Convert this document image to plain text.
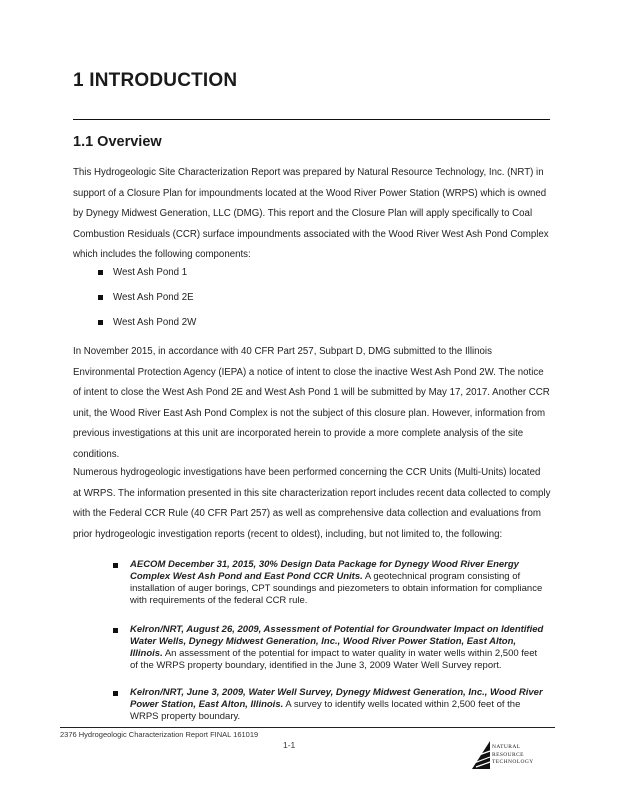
1 INTRODUCTION
1.1 Overview

This Hydrogeologic Site Characterization Report was prepared by Natural Resource Technology, Inc. (NRT) in support of a Closure Plan for impoundments located at the Wood River Power Station (WRPS) which is owned by Dynegy Midwest Generation, LLC (DMG). This report and the Closure Plan will apply specifically to Coal Combustion Residuals (CCR) surface impoundments associated with the Wood River West Ash Pond Complex which includes the following components:

West Ash Pond 1
West Ash Pond 2E
West Ash Pond 2W

In November 2015, in accordance with 40 CFR Part 257, Subpart D, DMG submitted to the Illinois Environmental Protection Agency (IEPA) a notice of intent to close the inactive West Ash Pond 2W. The notice of intent to close the West Ash Pond 2E and West Ash Pond 1 will be submitted by May 17, 2017. Another CCR unit, the Wood River East Ash Pond Complex is not the subject of this closure plan. However, information from previous investigations at this unit are incorporated herein to provide a more complete analysis of the site conditions.

Numerous hydrogeologic investigations have been performed concerning the CCR Units (Multi-Units) located at WRPS. The information presented in this site characterization report includes recent data collected to comply with the Federal CCR Rule (40 CFR Part 257) as well as comprehensive data collection and evaluations from prior hydrogeologic investigation reports (recent to oldest), including, but not limited to, the following:

AECOM December 31, 2015, 30% Design Data Package for Dynegy Wood River Energy Complex West Ash Pond and East Pond CCR Units. A geotechnical program consisting of installation of auger borings, CPT soundings and piezometers to obtain information for compliance with requirements of the federal CCR rule.
Kelron/NRT, August 26, 2009, Assessment of Potential for Groundwater Impact on Identified Water Wells, Dynegy Midwest Generation, Inc., Wood River Power Station, East Alton, Illinois. An assessment of the potential for impact to water quality in water wells within 2,500 feet of the WRPS property boundary, identified in the June 3, 2009 Water Well Survey report.
Kelron/NRT, June 3, 2009, Water Well Survey, Dynegy Midwest Generation, Inc., Wood River Power Station, East Alton, Illinois. A survey to identify wells located within 2,500 feet of the WRPS property boundary.
2376 Hydrogeologic Characterization Report FINAL 161019
1-1	NATURAL
RESOURCE
TECHNOLOGY
